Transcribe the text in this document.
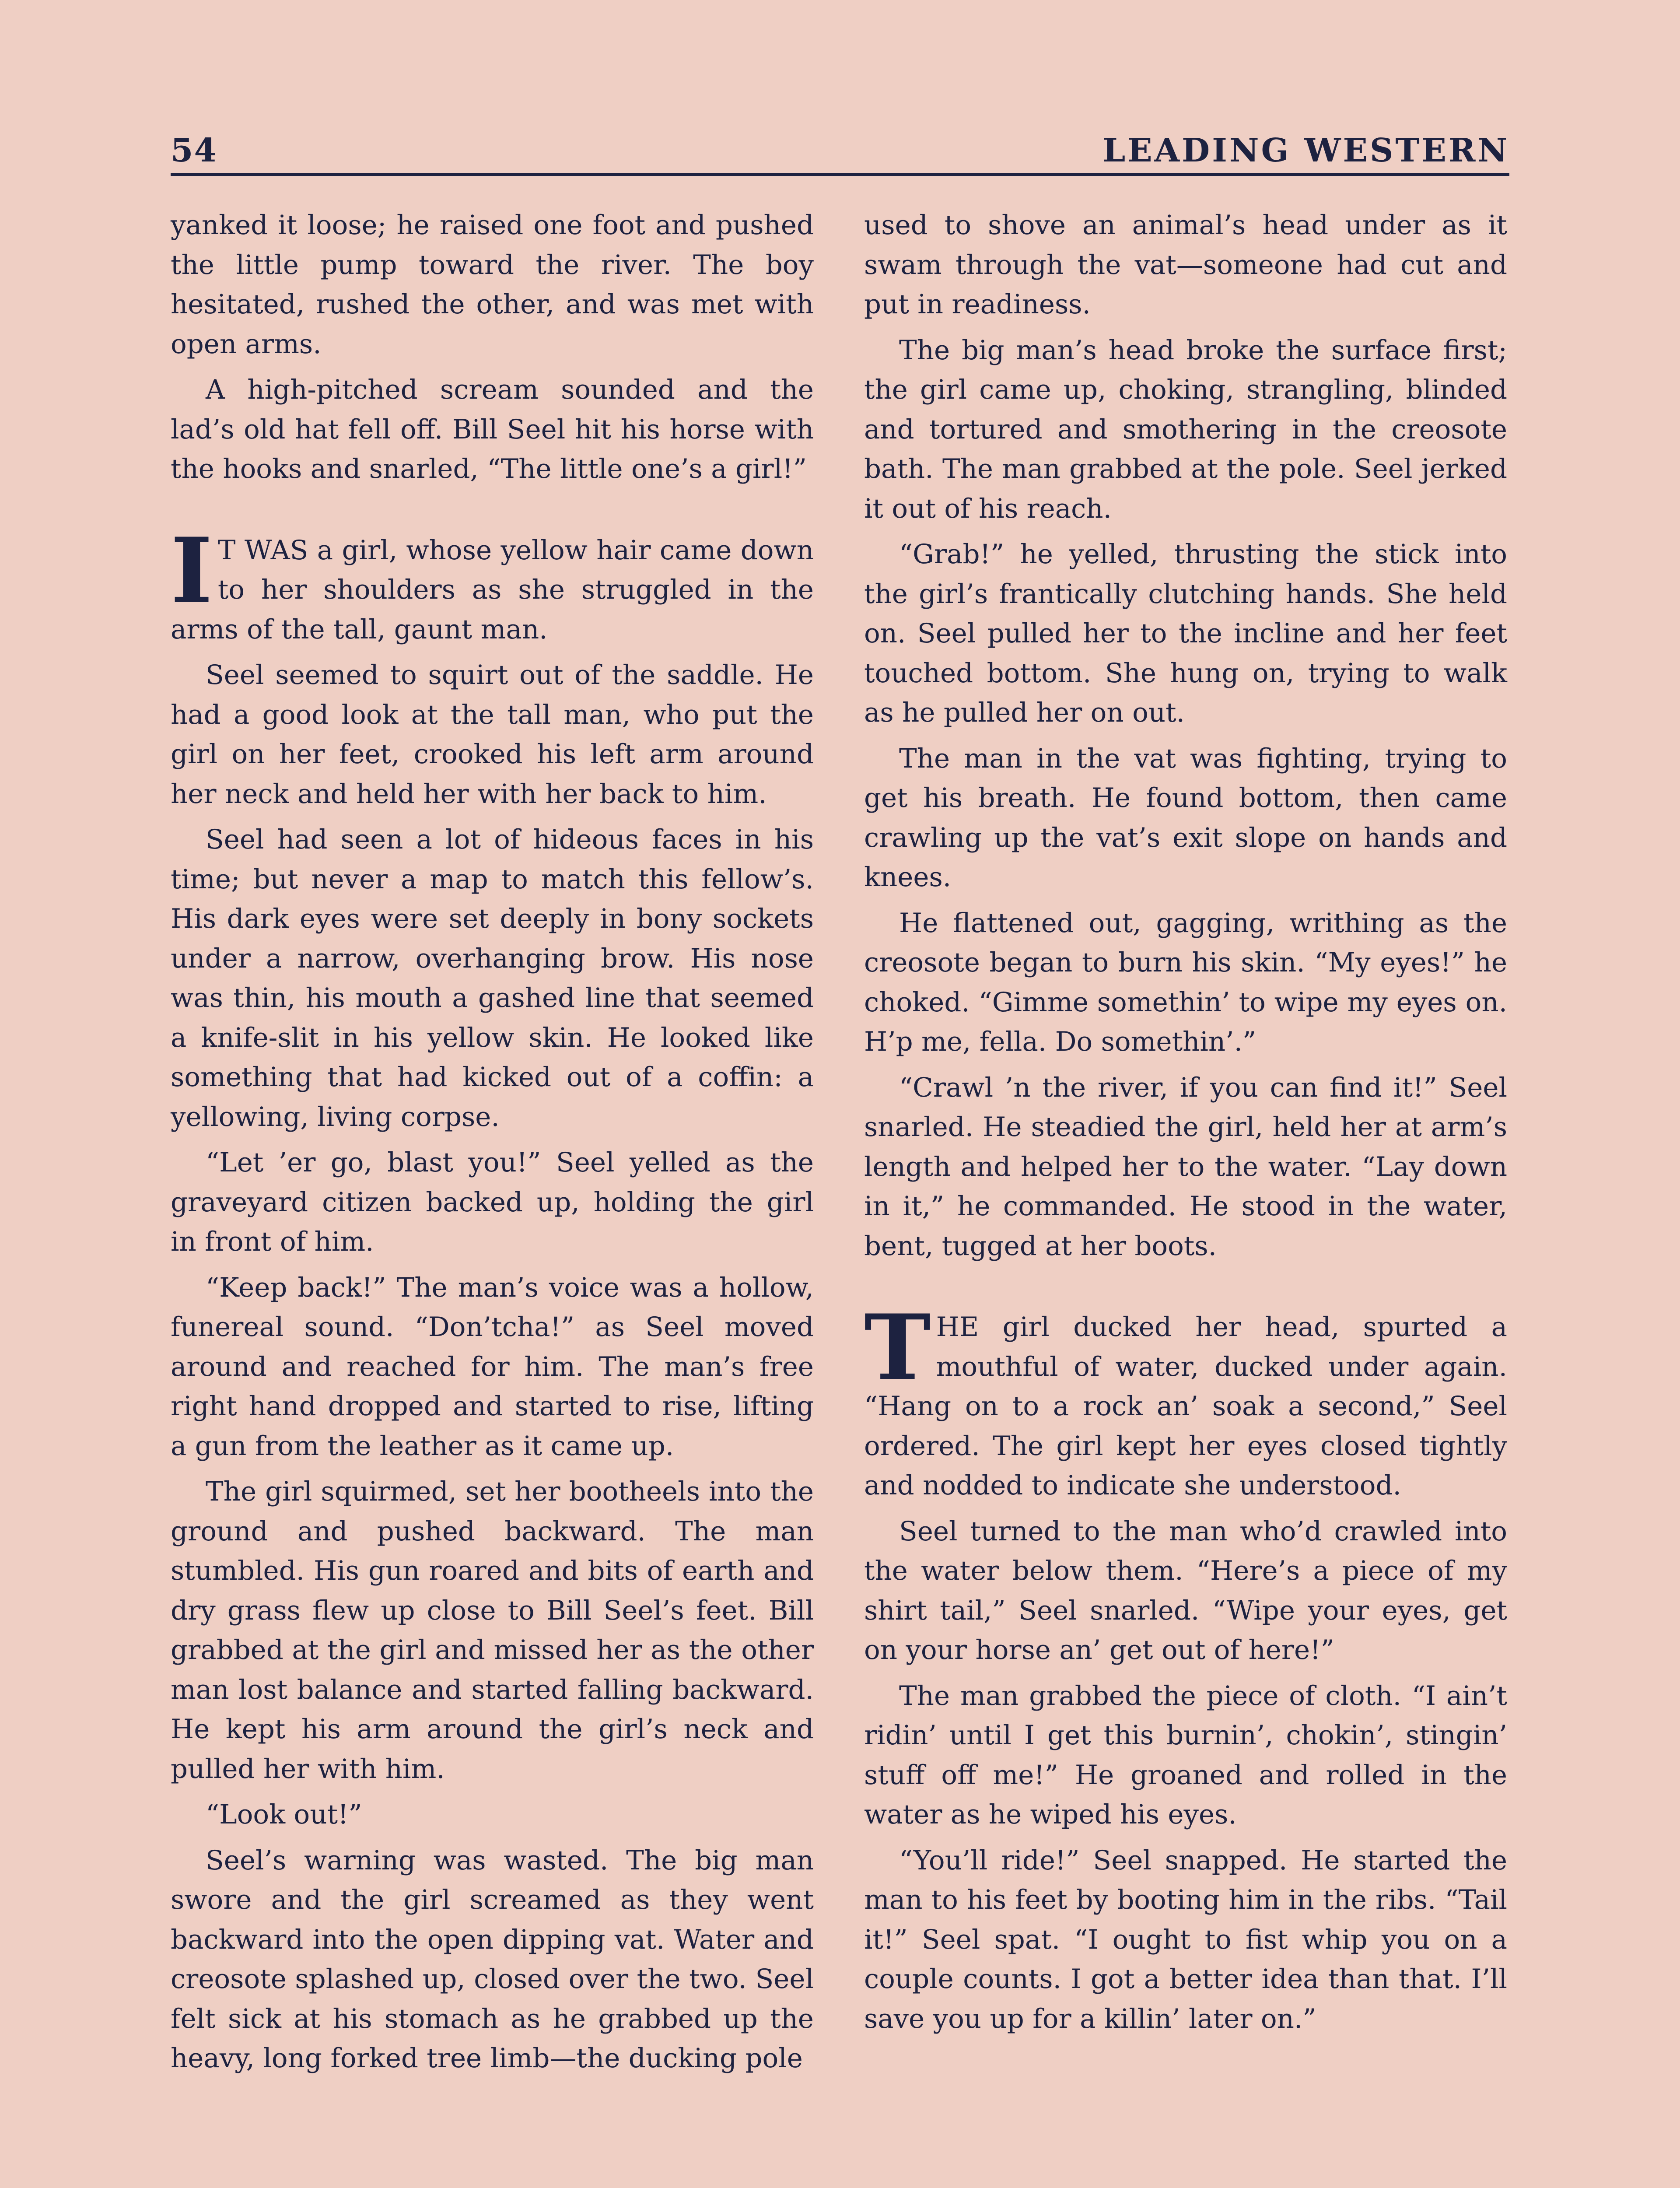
54	LEADING WESTERN

yanked it loose; he raised one foot and pushed the little pump toward the river. The boy hesitated, rushed the other, and was met with open arms.

A high-pitched scream sounded and the lad’s old hat fell off. Bill Seel hit his horse with the hooks and snarled, “The little one’s a girl!”

I T WAS a girl, whose yellow hair came down to her shoulders as she struggled in the arms of the tall, gaunt man.

Seel seemed to squirt out of the saddle. He had a good look at the tall man, who put the girl on her feet, crooked his left arm around her neck and held her with her back to him.

Seel had seen a lot of hideous faces in his time; but never a map to match this fellow’s. His dark eyes were set deeply in bony sockets under a narrow, overhanging brow. His nose was thin, his mouth a gashed line that seemed a knife-slit in his yellow skin. He looked like something that had kicked out of a coffin: a yellowing, living corpse.

“Let ’er go, blast you!” Seel yelled as the graveyard citizen backed up, holding the girl in front of him.

“Keep back!” The man’s voice was a hollow, funereal sound. “Don’tcha!” as Seel moved around and reached for him. The man’s free right hand dropped and started to rise, lifting a gun from the leather as it came up.

The girl squirmed, set her bootheels into the ground and pushed backward. The man stumbled. His gun roared and bits of earth and dry grass flew up close to Bill Seel’s feet. Bill grabbed at the girl and missed her as the other man lost balance and started falling backward. He kept his arm around the girl’s neck and pulled her with him.

“Look out!”

Seel’s warning was wasted. The big man swore and the girl screamed as they went backward into the open dipping vat. Water and creosote splashed up, closed over the two. Seel felt sick at his stomach as he grabbed up the heavy, long forked tree limb—the ducking pole

used to shove an animal’s head under as it swam through the vat—someone had cut and put in readiness.

The big man’s head broke the surface first; the girl came up, choking, strangling, blinded and tortured and smothering in the creosote bath. The man grabbed at the pole. Seel jerked it out of his reach.

“Grab!” he yelled, thrusting the stick into the girl’s frantically clutching hands. She held on. Seel pulled her to the incline and her feet touched bottom. She hung on, trying to walk as he pulled her on out.

The man in the vat was fighting, trying to get his breath. He found bottom, then came crawling up the vat’s exit slope on hands and knees.

He flattened out, gagging, writhing as the creosote began to burn his skin. “My eyes!” he choked. “Gimme somethin’ to wipe my eyes on. H’p me, fella. Do somethin’.”

“Crawl ’n the river, if you can find it!” Seel snarled. He steadied the girl, held her at arm’s length and helped her to the water. “Lay down in it,” he commanded. He stood in the water, bent, tugged at her boots.

THE girl ducked her head, spurted a mouthful of water, ducked under again. “Hang on to a rock an’ soak a second,” Seel ordered. The girl kept her eyes closed tightly and nodded to indicate she understood.

Seel turned to the man who’d crawled into the water below them. “Here’s a piece of my shirt tail,” Seel snarled. “Wipe your eyes, get on your horse an’ get out of here!”

The man grabbed the piece of cloth. “I ain’t ridin’ until I get this burnin’, chokin’, stingin’ stuff off me!” He groaned and rolled in the water as he wiped his eyes.

“You’ll ride!” Seel snapped. He started the man to his feet by booting him in the ribs. “Tail it!” Seel spat. “I ought to fist whip you on a couple counts. I got a better idea than that. I’ll save you up for a killin’ later on.”
